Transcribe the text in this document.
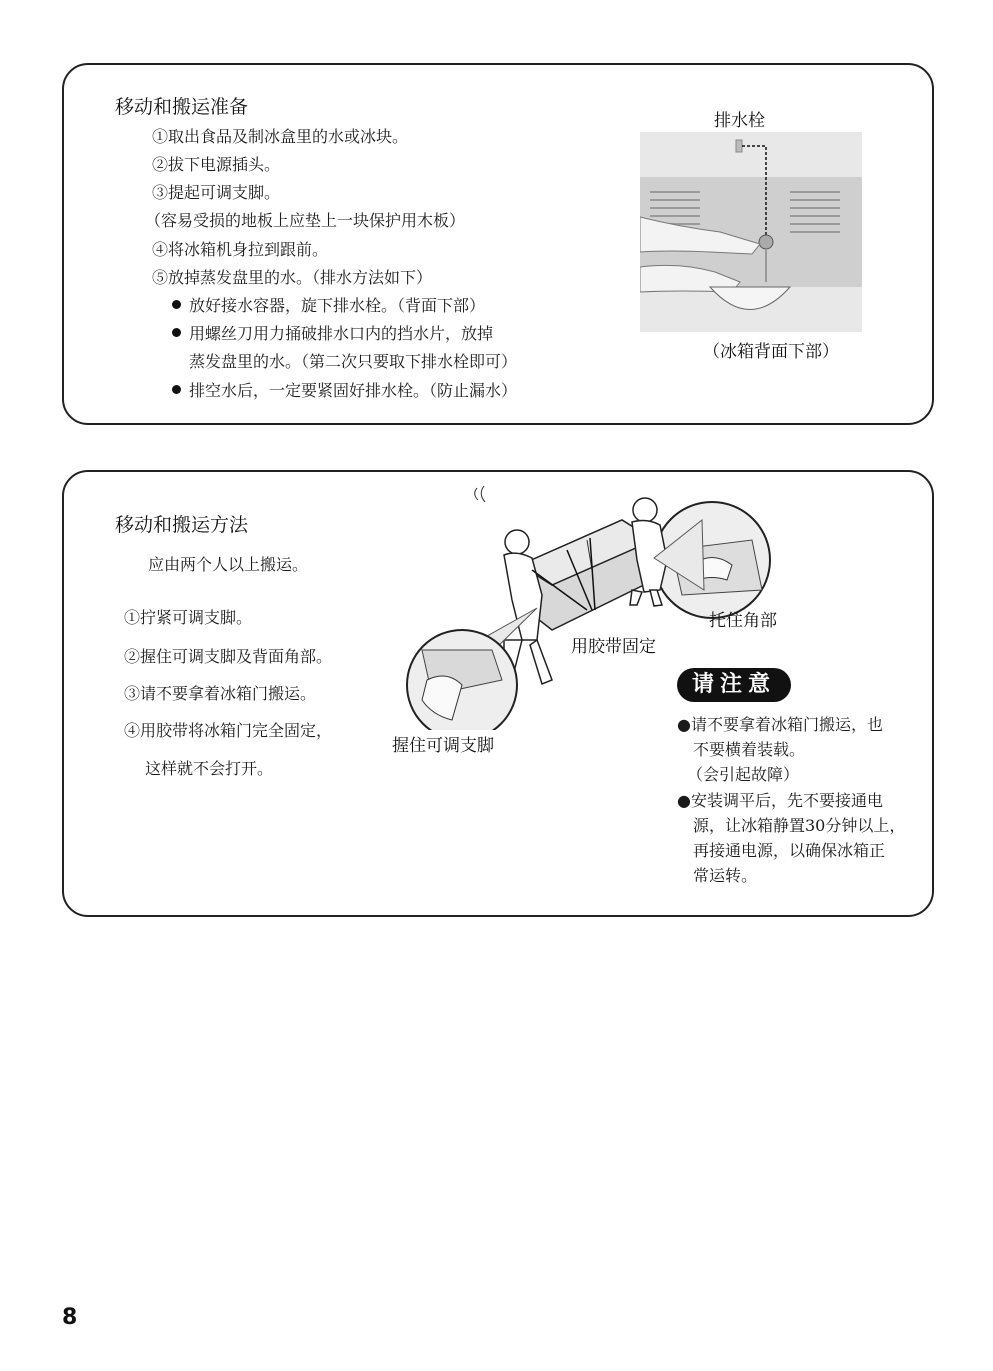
移动和搬运准备
①取出食品及制冰盒里的水或冰块。
②拔下电源插头。
③提起可调支脚。
（容易受损的地板上应垫上一块保护用木板）
④将冰箱机身拉到跟前。
⑤放掉蒸发盘里的水。（排水方法如下）
放好接水容器，旋下排水栓。（背面下部）
用螺丝刀用力捅破排水口内的挡水片，放掉
蒸发盘里的水。（第二次只要取下排水栓即可）
排空水后，一定要紧固好排水栓。（防止漏水）
排水栓
（冰箱背面下部）
移动和搬运方法
应由两个人以上搬运。
①拧紧可调支脚。
②握住可调支脚及背面角部。
③请不要拿着冰箱门搬运。
④用胶带将冰箱门完全固定，
这样就不会打开。
用胶带固定
托住角部
握住可调支脚
请注意
●请不要拿着冰箱门搬运，也
不要横着装载。
（会引起故障）
●安装调平后，先不要接通电
源，让冰箱静置30分钟以上，
再接通电源，以确保冰箱正
常运转。
8
